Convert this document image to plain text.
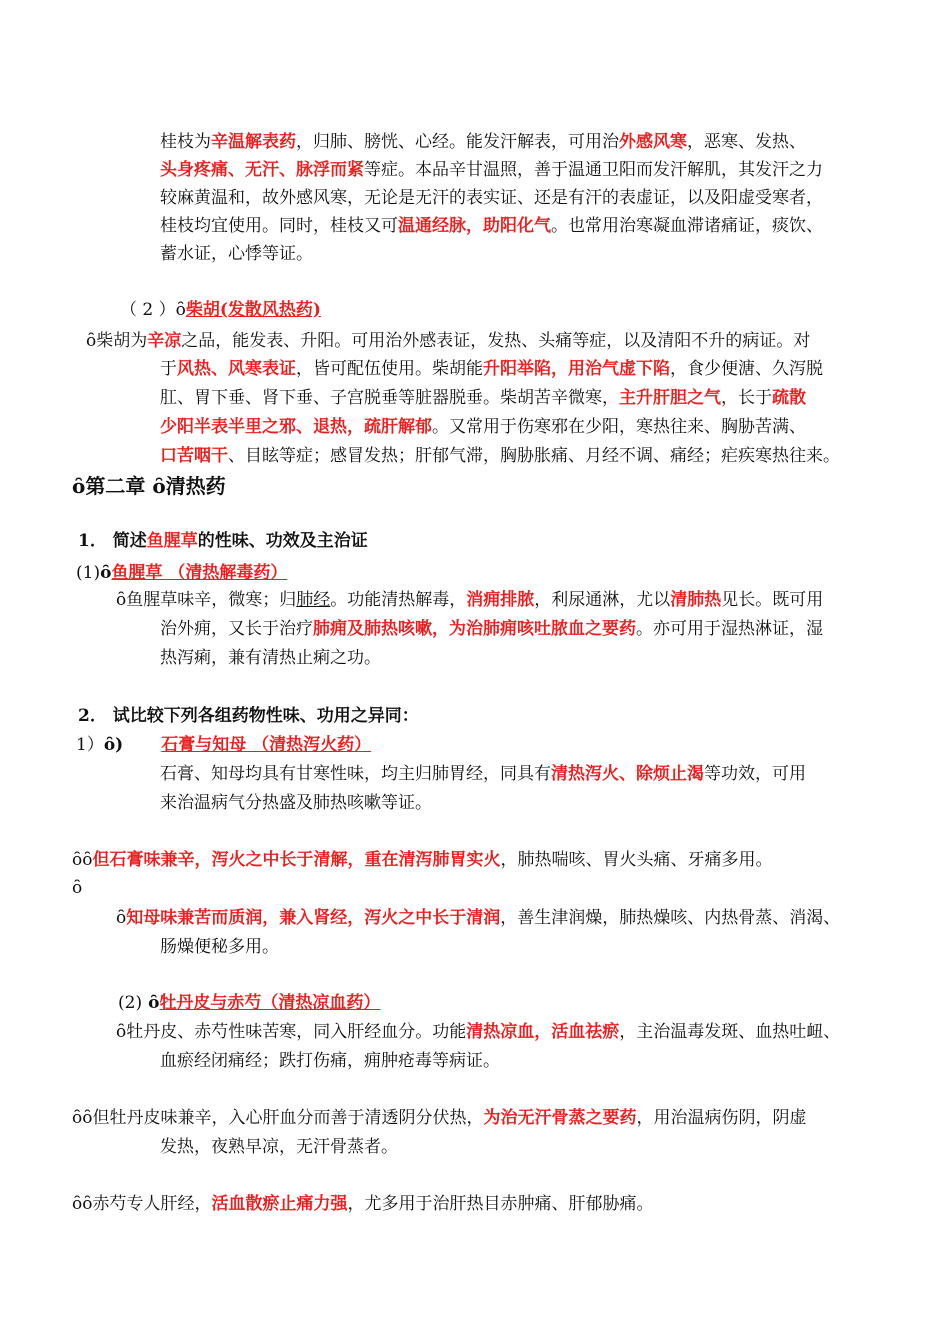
桂枝为辛温解表药，归肺、膀恍、心经。能发汗解表，可用治外感风寒，恶寒、发热、
头身疼痛、无汗、脉浮而紧等症。本品辛甘温照，善于温通卫阳而发汗解肌，其发汗之力
较麻黄温和，故外感风寒，无论是无汗的表实证、还是有汗的表虚证，以及阳虚受寒者，
桂枝均宜使用。同时，桂枝又可温通经脉，助阳化气。也常用治寒凝血滞诸痛证，痰饮、
蓄水证，心悸等证。
（ 2 ）ȏ柴胡(发散风热药)
ȏ柴胡为辛凉之品，能发表、升阳。可用治外感表证，发热、头痛等症，以及清阳不升的病证。对
于风热、风寒表证，皆可配伍使用。柴胡能升阳举陷，用治气虚下陷，食少便溏、久泻脱
肛、胃下垂、肾下垂、子宫脱垂等脏器脱垂。柴胡苦辛微寒，主升肝胆之气，长于疏散
少阳半表半里之邪、退热，疏肝解郁。又常用于伤寒邪在少阳，寒热往来、胸胁苦满、
口苦咽干、目眩等症；感冒发热；肝郁气滞，胸胁胀痛、月经不调、痛经；疟疾寒热往来。
ȏ第二章 ȏ清热药
1． 简述鱼腥草的性味、功效及主治证
(1)ȏ鱼腥草 （清热解毒药）
ȏ鱼腥草味辛，微寒；归肺经。功能清热解毒，消痈排脓，利尿通淋，尤以清肺热见长。既可用
治外痈，又长于治疗肺痈及肺热咳嗽，为治肺痈咳吐脓血之要药。亦可用于湿热淋证，湿
热泻痢，兼有清热止痢之功。
2． 试比较下列各组药物性味、功用之异同：
1）ȏ) 石膏与知母 （清热泻火药）
石膏、知母均具有甘寒性味，均主归肺胃经，同具有清热泻火、除烦止渴等功效，可用
来治温病气分热盛及肺热咳嗽等证。
ȏȏ但石膏味兼辛，泻火之中长于清解，重在清泻肺胃实火，肺热喘咳、胃火头痛、牙痛多用。
ȏ
ȏ知母味兼苦而质润，兼入肾经，泻火之中长于清润，善生津润燥，肺热燥咳、内热骨蒸、消渴、
肠燥便秘多用。
(2) ȏ牡丹皮与赤芍（清热凉血药）
ȏ牡丹皮、赤芍性味苦寒，同入肝经血分。功能清热凉血，活血祛瘀，主治温毒发斑、血热吐衄、
血瘀经闭痛经；跌打伤痛，痈肿疮毒等病证。
ȏȏ但牡丹皮味兼辛，入心肝血分而善于清透阴分伏热，为治无汗骨蒸之要药，用治温病伤阴，阴虚
发热，夜熟早凉，无汗骨蒸者。
ȏȏ赤芍专人肝经，活血散瘀止痛力强，尤多用于治肝热目赤肿痛、肝郁胁痛。
